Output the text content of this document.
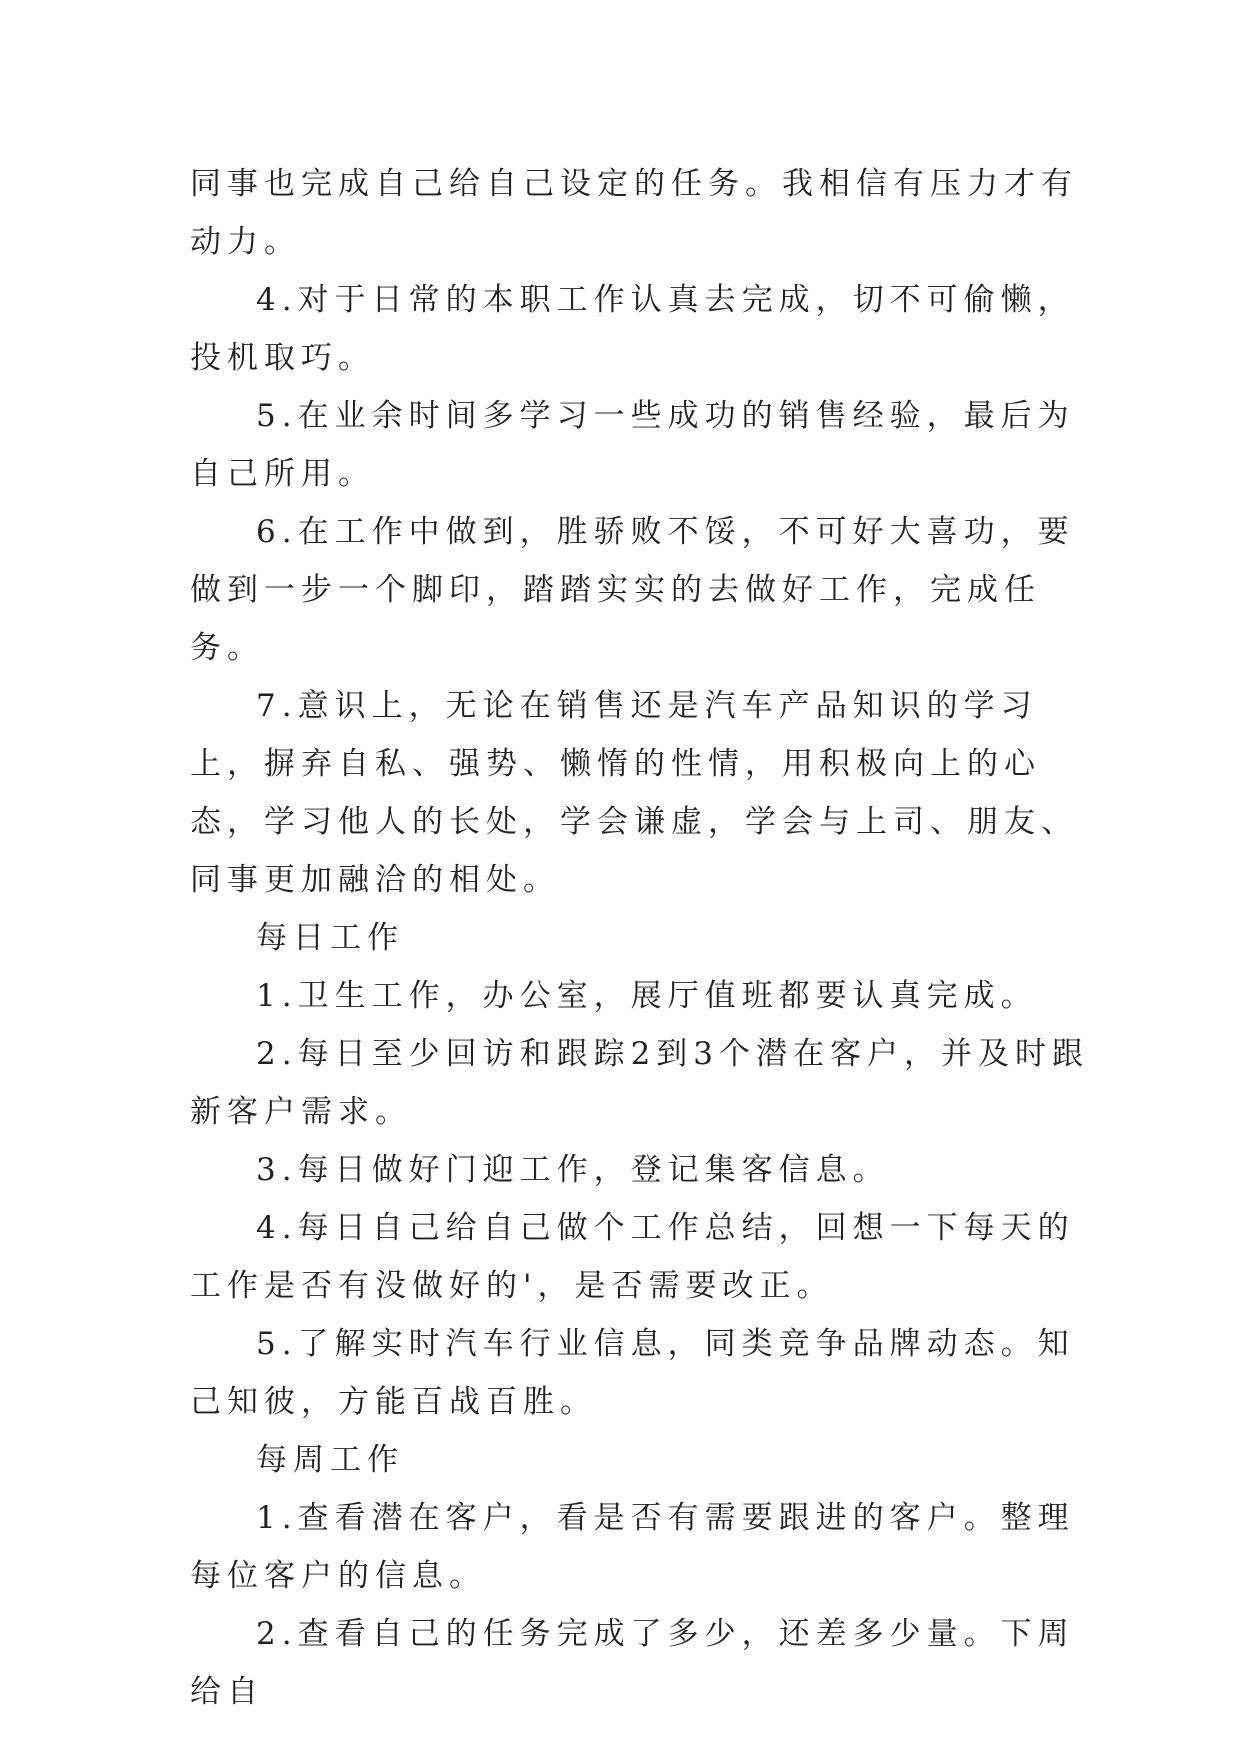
同事也完成自己给自己设定的任务。我相信有压力才有动力。

4.对于日常的本职工作认真去完成，切不可偷懒，投机取巧。

5.在业余时间多学习一些成功的销售经验，最后为自己所用。

6.在工作中做到，胜骄败不馁，不可好大喜功，要做到一步一个脚印，踏踏实实的去做好工作，完成任务。

7.意识上，无论在销售还是汽车产品知识的学习上，摒弃自私、强势、懒惰的性情，用积极向上的心态，学习他人的长处，学会谦虚，学会与上司、朋友、同事更加融洽的相处。

每日工作

1.卫生工作，办公室，展厅值班都要认真完成。

2.每日至少回访和跟踪2到3个潜在客户，并及时跟新客户需求。

3.每日做好门迎工作，登记集客信息。

4.每日自己给自己做个工作总结，回想一下每天的工作是否有没做好的'，是否需要改正。

5.了解实时汽车行业信息，同类竞争品牌动态。知己知彼，方能百战百胜。

每周工作

1.查看潜在客户，看是否有需要跟进的客户。整理每位客户的信息。

2.查看自己的任务完成了多少，还差多少量。下周给自
